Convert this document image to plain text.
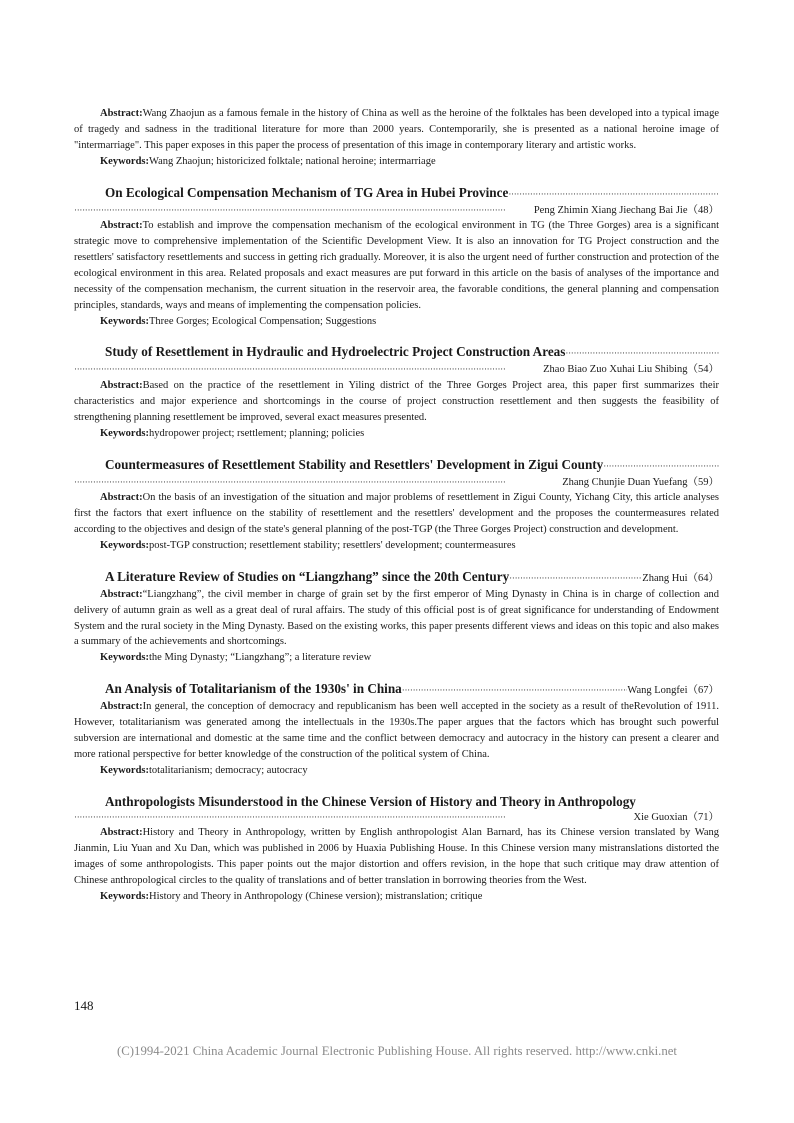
Abstract:Wang Zhaojun as a famous female in the history of China as well as the heroine of the folktales has been developed into a typical image of tragedy and sadness in the traditional literature for more than 2000 years. Contemporarily, she is presented as a national heroine image of "intermarriage". This paper exposes in this paper the process of presentation of this image in contemporary literary and artistic works.
Keywords:Wang Zhaojun; historicized folktale; national heroine; intermarriage
On Ecological Compensation Mechanism of TG Area in Hubei Province
·····
·····
Peng Zhimin Xiang Jiechang Bai Jie（48）
Abstract:To establish and improve the compensation mechanism of the ecological environment in TG (the Three Gorges) area is a significant strategic move to comprehensive implementation of the Scientific Development View. It is also an innovation for TG Project construction and the resettlers' satisfactory resettlements and success in getting rich gradually. Moreover, it is also the urgent need of further construction and protection of the ecological environment in this area. Related proposals and exact measures are put forward in this article on the basis of analyses of the importance and necessity of the compensation mechanism, the current situation in the reservoir area, the favorable conditions, the general planning and compensation principles, standards, ways and means of implementing the compensation policies.
Keywords:Three Gorges; Ecological Compensation; Suggestions
Study of Resettlement in Hydraulic and Hydroelectric Project Construction Areas
·····
·····
Zhao Biao Zuo Xuhai Liu Shibing（54）
Abstract:Based on the practice of the resettlement in Yiling district of the Three Gorges Project area, this paper first summarizes their characteristics and major experience and shortcomings in the course of project construction resettlement and then suggests the feasibility of strengthening planning resettlement be improved, several exact measures presented.
Keywords:hydropower project; rsettlement; planning; policies
Countermeasures of Resettlement Stability and Resettlers' Development in Zigui County
·····
·····
Zhang Chunjie Duan Yuefang（59）
Abstract:On the basis of an investigation of the situation and major problems of resettlement in Zigui County, Yichang City, this article analyses first the factors that exert influence on the stability of resettlement and the resettlers' development and the proposes the countermeasures related according to the objectives and design of the state's general planning of the post-TGP (the Three Gorges Project) construction and development.
Keywords:post-TGP construction; resettlement stability; resettlers' development; countermeasures
A Literature Review of Studies on “Liangzhang” since the 20th Century ·····	Zhang Hui（64）
Abstract:“Liangzhang”, the civil member in charge of grain set by the first emperor of Ming Dynasty in China is in charge of collection and delivery of autumn grain as well as a great deal of rural affairs. The study of this official post is of great significance for understanding of Endowment System and the rural society in the Ming Dynasty. Based on the existing works, this paper presents different views and ideas on this topic and also makes a summary of the achievements and shortcomings.
Keywords:the Ming Dynasty; “Liangzhang”; a literature review
An Analysis of Totalitarianism of the 1930s' in China ·····	Wang Longfei（67）
Abstract:In general, the conception of democracy and republicanism has been well accepted in the society as a result of theRevolution of 1911. However, totalitarianism was generated among the intellectuals in the 1930s.The paper argues that the factors which has brought such powerful subversion are international and domestic at the same time and the conflict between democracy and autocracy in the history can present a clearer and more rational perspective for better knowledge of the construction of the political system of China.
Keywords:totalitarianism; democracy; autocracy
Anthropologists Misunderstood in the Chinese Version of History and Theory in Anthropology
·····
Xie Guoxian（71）
Abstract:History and Theory in Anthropology, written by English anthropologist Alan Barnard, has its Chinese version translated by Wang Jianmin, Liu Yuan and Xu Dan, which was published in 2006 by Huaxia Publishing House. In this Chinese version many mistranslations distorted the images of some anthropologists. This paper points out the major distortion and offers revision, in the hope that such critique may draw attention of Chinese anthropological circles to the quality of translations and of better translation in borrowing theories from the West.
Keywords:History and Theory in Anthropology (Chinese version); mistranslation; critique
148
(C)1994-2021 China Academic Journal Electronic Publishing House. All rights reserved. http://www.cnki.net
